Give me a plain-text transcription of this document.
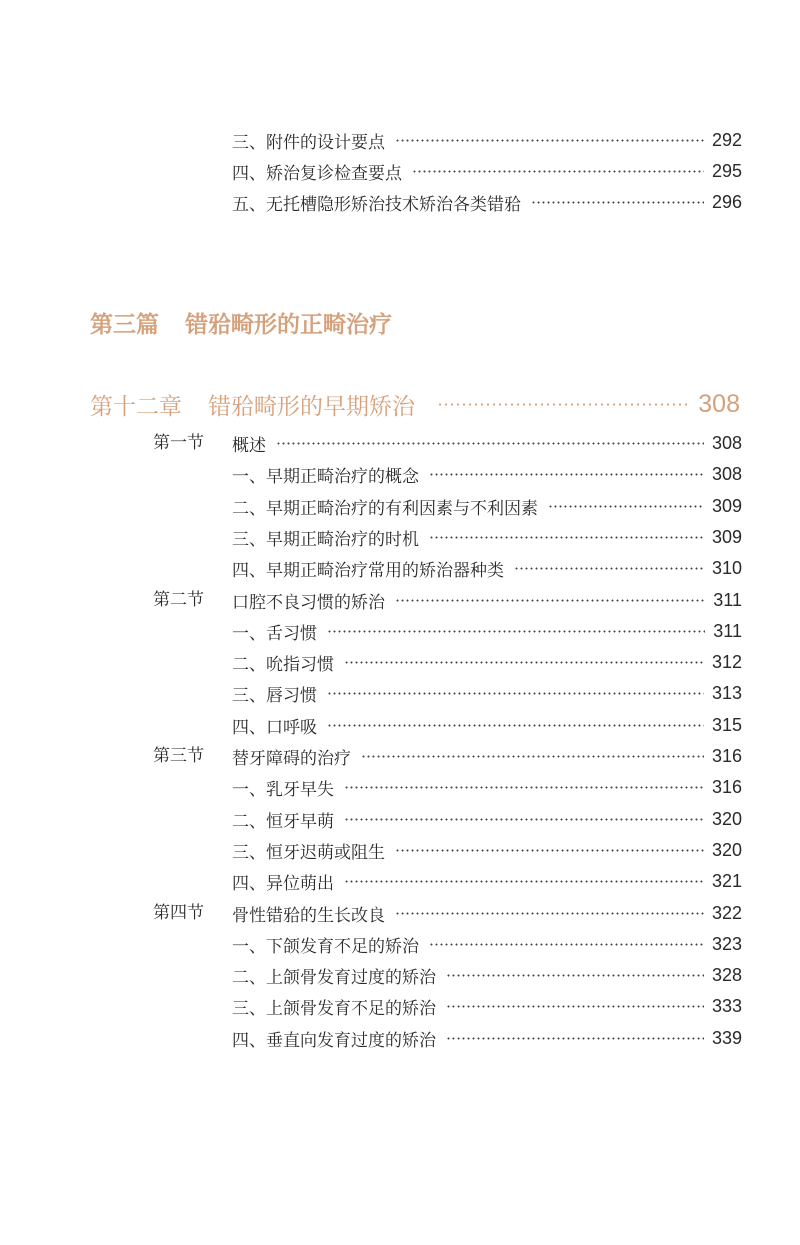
三、附件的设计要点	292
四、矫治复诊检查要点	295
五、无托槽隐形矫治技术矫治各类错𬌗	296
第三篇 错𬌗畸形的正畸治疗
第十二章 错𬌗畸形的早期矫治	308
第一节 概述	308
一、早期正畸治疗的概念	308
二、早期正畸治疗的有利因素与不利因素	309
三、早期正畸治疗的时机	309
四、早期正畸治疗常用的矫治器种类	310
第二节 口腔不良习惯的矫治	311
一、舌习惯	311
二、吮指习惯	312
三、唇习惯	313
四、口呼吸	315
第三节 替牙障碍的治疗	316
一、乳牙早失	316
二、恒牙早萌	320
三、恒牙迟萌或阻生	320
四、异位萌出	321
第四节 骨性错𬌗的生长改良	322
一、下颌发育不足的矫治	323
二、上颌骨发育过度的矫治	328
三、上颌骨发育不足的矫治	333
四、垂直向发育过度的矫治	339
